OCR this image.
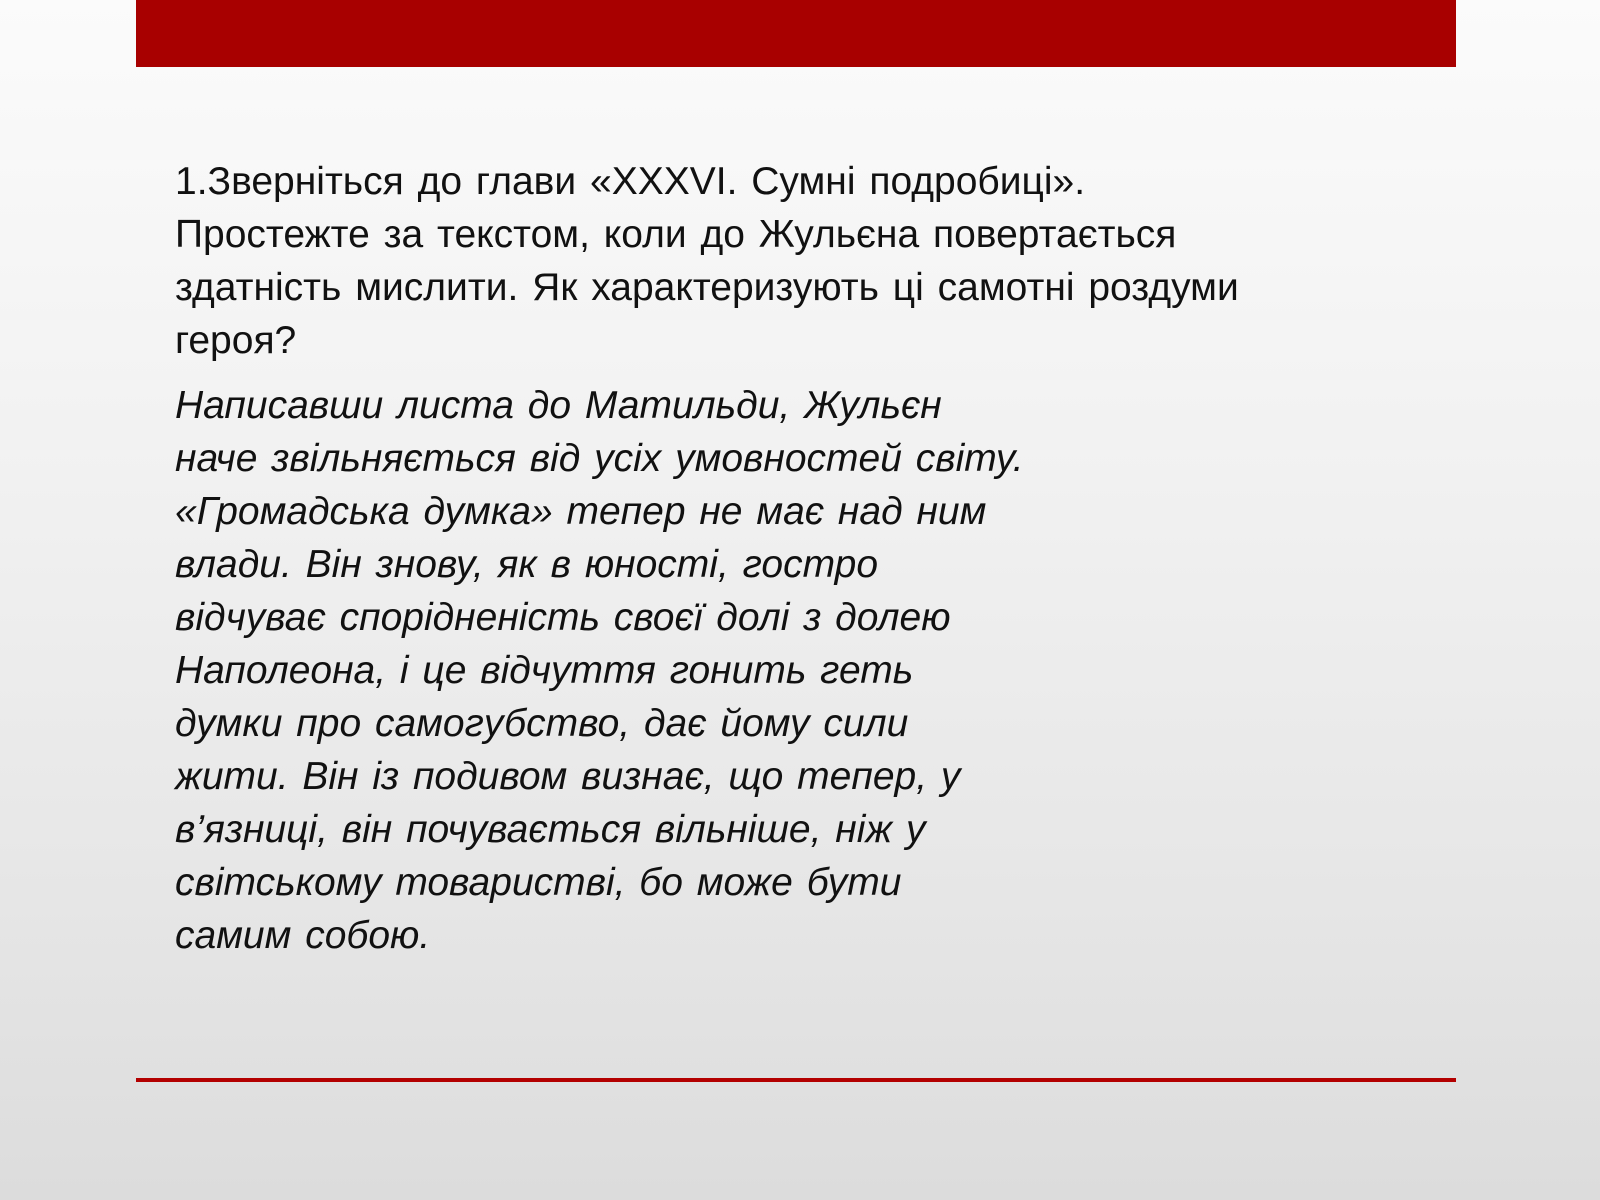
1.Зверніться до глави «XXXVI. Сумні подробиці».
Простежте за текстом, коли до Жульєна повертається
здатність мислити. Як характеризують ці самотні роздуми
героя?

Написавши листа до Матильди, Жульєн
наче звільняється від усіх умовностей світу.
«Громадська думка» тепер не має над ним
влади. Він знову, як в юності, гостро
відчуває спорідненість своєї долі з долею
Наполеона, і це відчуття гонить геть
думки про самогубство, дає йому сили
жити. Він із подивом визнає, що тепер, у
в’язниці, він почувається вільніше, ніж у
світському товаристві, бо може бути
самим собою.
